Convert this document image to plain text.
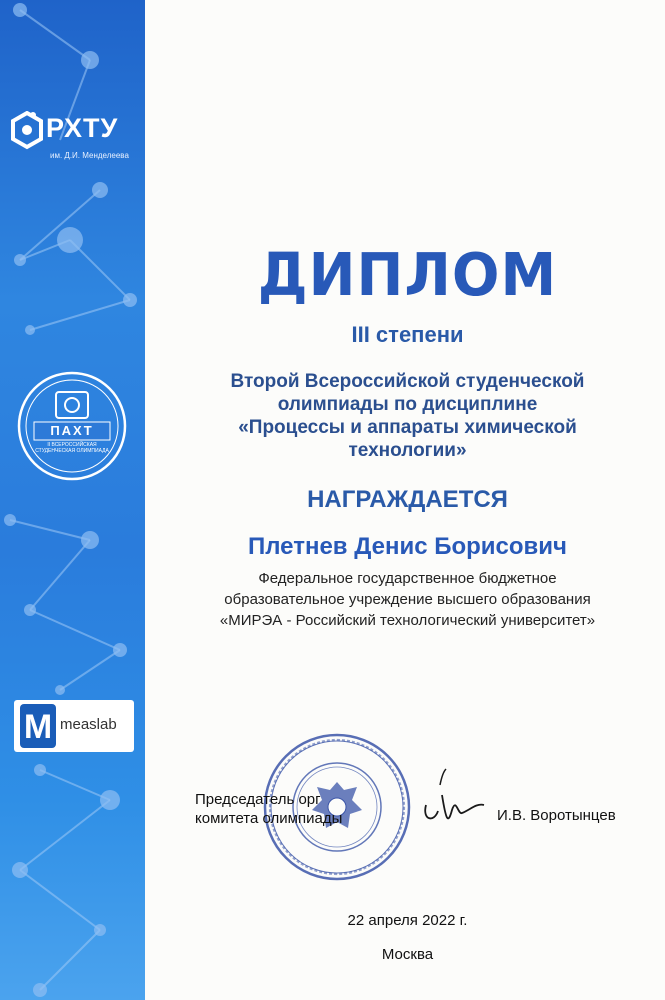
РХТУ
им. Д.И. Менделеева
ПАХТ
II ВСЕРОССИЙСКАЯ СТУДЕНЧЕСКАЯ ОЛИМПИАДА
M measlab
ДИПЛОМ
III степени
Второй Всероссийской студенческой
олимпиады по дисциплине
«Процессы и аппараты химической
технологии»
НАГРАЖДАЕТСЯ
Плетнев Денис Борисович
Федеральное государственное бюджетное
образовательное учреждение высшего образования
«МИРЭА - Российский технологический университет»
Председатель орг
комитета олимпиады	И.В. Воротынцев
22 апреля 2022 г.
Москва
